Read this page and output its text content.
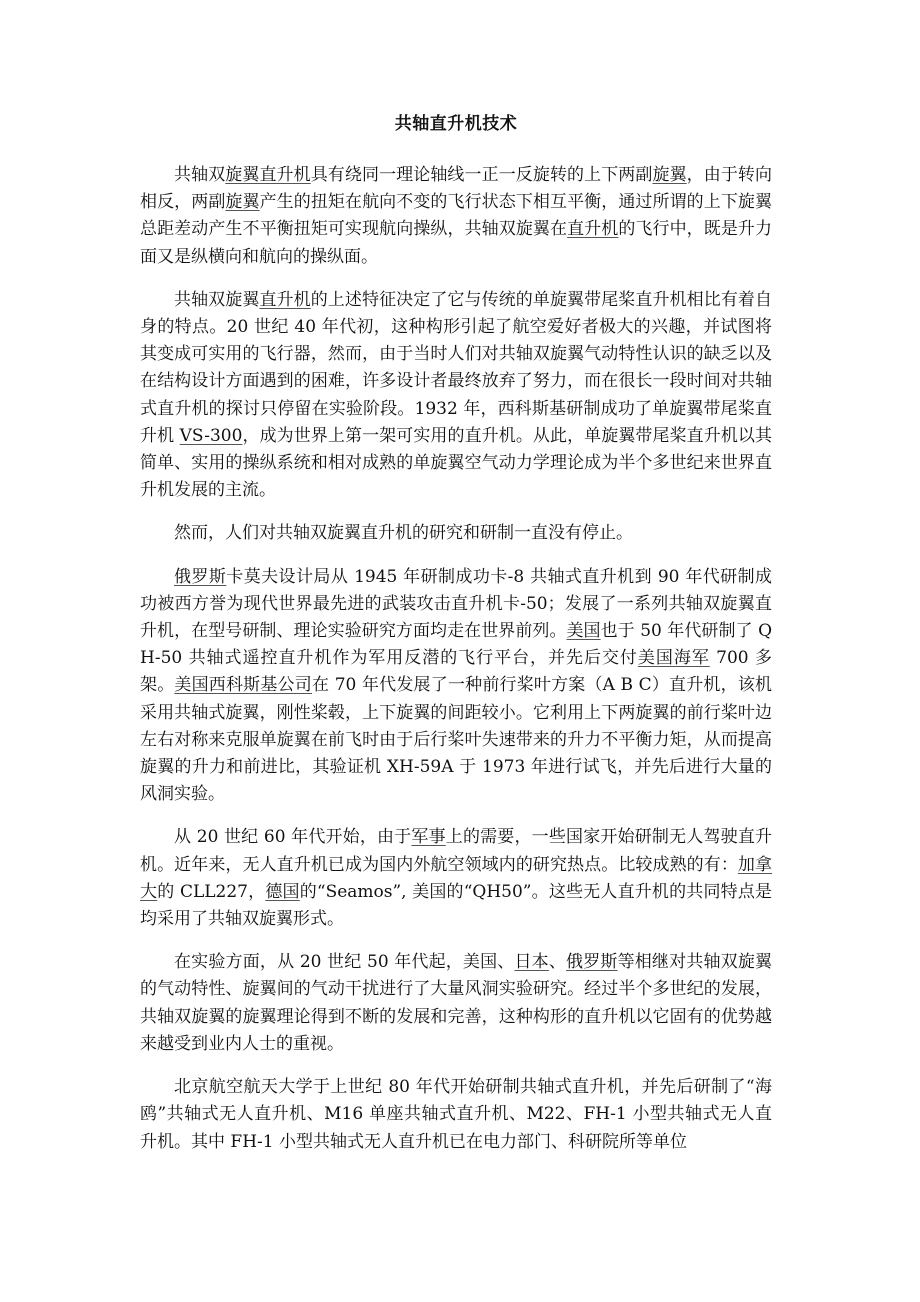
共轴直升机技术

共轴双旋翼直升机具有绕同一理论轴线一正一反旋转的上下两副旋翼，由于转向相反，两副旋翼产生的扭矩在航向不变的飞行状态下相互平衡，通过所谓的上下旋翼总距差动产生不平衡扭矩可实现航向操纵，共轴双旋翼在直升机的飞行中，既是升力面又是纵横向和航向的操纵面。

共轴双旋翼直升机的上述特征决定了它与传统的单旋翼带尾桨直升机相比有着自身的特点。20 世纪 40 年代初，这种构形引起了航空爱好者极大的兴趣，并试图将其变成可实用的飞行器，然而，由于当时人们对共轴双旋翼气动特性认识的缺乏以及在结构设计方面遇到的困难，许多设计者最终放弃了努力，而在很长一段时间对共轴式直升机的探讨只停留在实验阶段。1932 年，西科斯基研制成功了单旋翼带尾桨直升机 VS-300，成为世界上第一架可实用的直升机。从此，单旋翼带尾桨直升机以其简单、实用的操纵系统和相对成熟的单旋翼空气动力学理论成为半个多世纪来世界直升机发展的主流。

然而，人们对共轴双旋翼直升机的研究和研制一直没有停止。

俄罗斯卡莫夫设计局从 1945 年研制成功卡-8 共轴式直升机到 90 年代研制成功被西方誉为现代世界最先进的武装攻击直升机卡-50；发展了一系列共轴双旋翼直升机，在型号研制、理论实验研究方面均走在世界前列。美国也于 50 年代研制了 QH-50 共轴式遥控直升机作为军用反潜的飞行平台，并先后交付美国海军 700 多架。美国西科斯基公司在 70 年代发展了一种前行桨叶方案（A B C）直升机，该机采用共轴式旋翼，刚性桨毂，上下旋翼的间距较小。它利用上下两旋翼的前行桨叶边左右对称来克服单旋翼在前飞时由于后行桨叶失速带来的升力不平衡力矩，从而提高旋翼的升力和前进比，其验证机 XH-59A 于 1973 年进行试飞，并先后进行大量的风洞实验。

从 20 世纪 60 年代开始，由于军事上的需要，一些国家开始研制无人驾驶直升机。近年来，无人直升机已成为国内外航空领域内的研究热点。比较成熟的有：加拿大的 CLL227，德国的“Seamos”, 美国的“QH50”。这些无人直升机的共同特点是均采用了共轴双旋翼形式。

在实验方面，从 20 世纪 50 年代起，美国、日本、俄罗斯等相继对共轴双旋翼的气动特性、旋翼间的气动干扰进行了大量风洞实验研究。经过半个多世纪的发展，共轴双旋翼的旋翼理论得到不断的发展和完善，这种构形的直升机以它固有的优势越来越受到业内人士的重视。

北京航空航天大学于上世纪 80 年代开始研制共轴式直升机，并先后研制了“海鸥”共轴式无人直升机、M16 单座共轴式直升机、M22、FH-1 小型共轴式无人直升机。其中 FH-1 小型共轴式无人直升机已在电力部门、科研院所等单位
